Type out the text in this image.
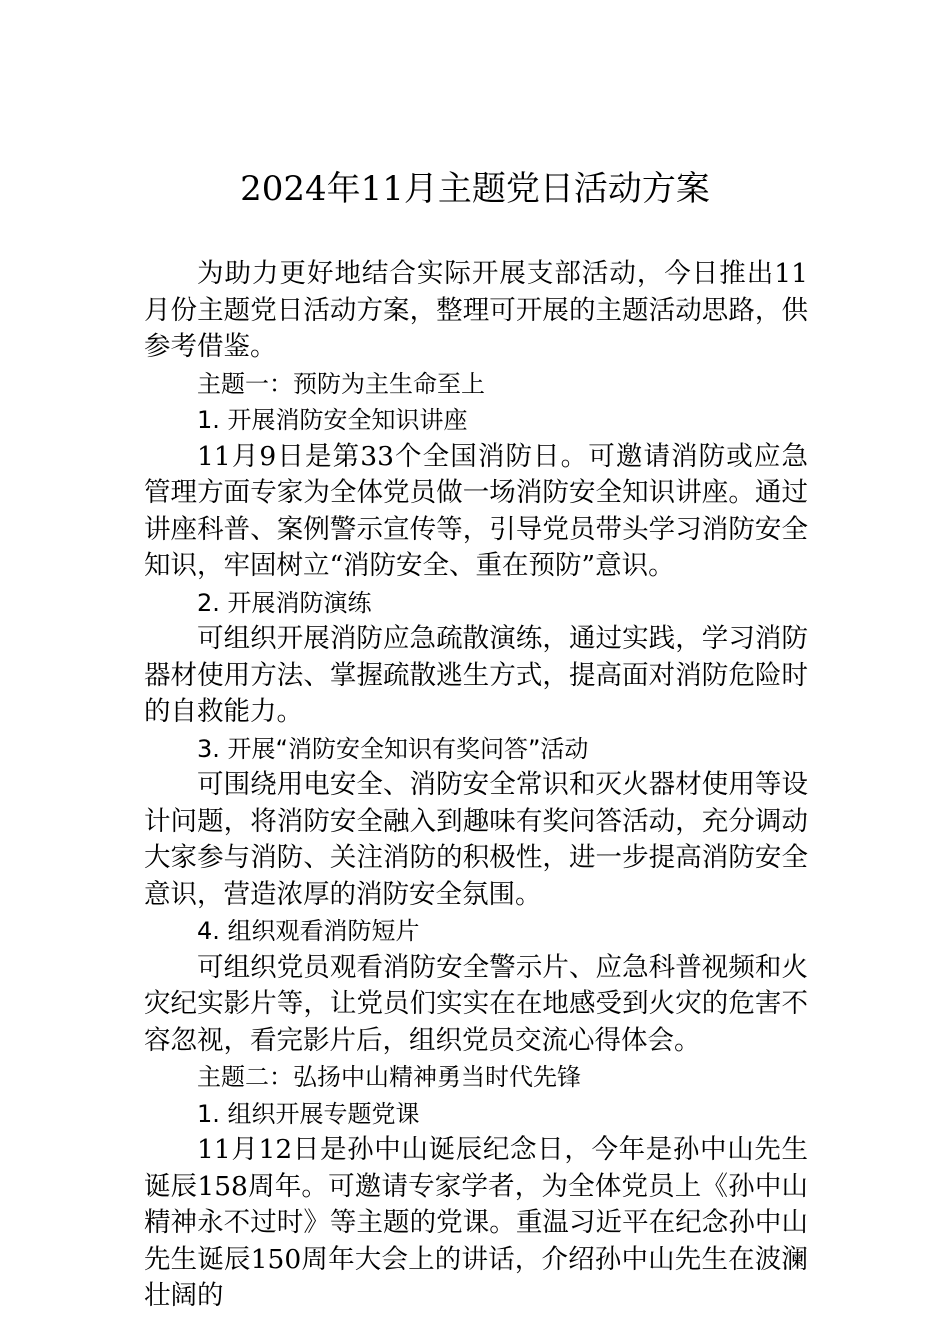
2024年11月主题党日活动方案

为助力更好地结合实际开展支部活动，今日推出11月份主题党日活动方案，整理可开展的主题活动思路，供参考借鉴。

主题一：预防为主生命至上

1. 开展消防安全知识讲座

11月9日是第33个全国消防日。可邀请消防或应急管理方面专家为全体党员做一场消防安全知识讲座。通过讲座科普、案例警示宣传等，引导党员带头学习消防安全知识，牢固树立“消防安全、重在预防”意识。

2. 开展消防演练

可组织开展消防应急疏散演练，通过实践，学习消防器材使用方法、掌握疏散逃生方式，提高面对消防危险时的自救能力。

3. 开展“消防安全知识有奖问答”活动

可围绕用电安全、消防安全常识和灭火器材使用等设计问题，将消防安全融入到趣味有奖问答活动，充分调动大家参与消防、关注消防的积极性，进一步提高消防安全意识，营造浓厚的消防安全氛围。

4. 组织观看消防短片

可组织党员观看消防安全警示片、应急科普视频和火灾纪实影片等，让党员们实实在在地感受到火灾的危害不容忽视，看完影片后，组织党员交流心得体会。

主题二：弘扬中山精神勇当时代先锋

1. 组织开展专题党课

11月12日是孙中山诞辰纪念日，今年是孙中山先生诞辰158周年。可邀请专家学者，为全体党员上《孙中山精神永不过时》等主题的党课。重温习近平在纪念孙中山先生诞辰150周年大会上的讲话，介绍孙中山先生在波澜壮阔的
